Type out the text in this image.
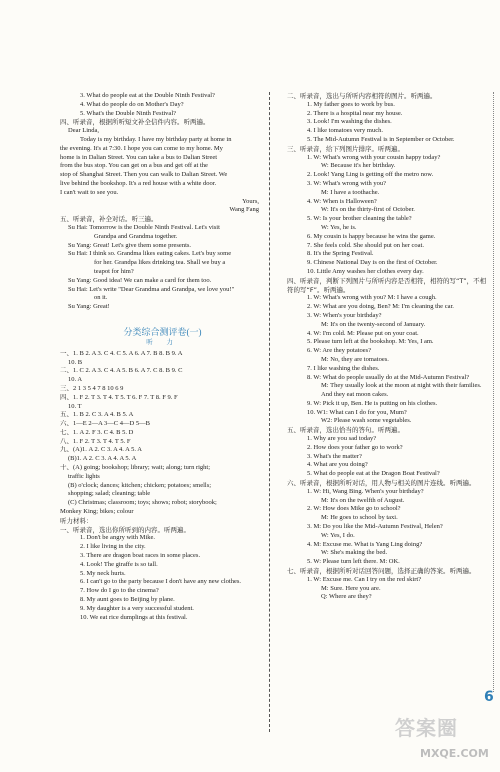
3. What do people eat at the Double Ninth Festival?
4. What do people do on Mother's Day?
5. What's the Double Ninth Festival?
四、听录音，根据所听短文补全信件内容。听两遍。
Dear Linda,
Today is my birthday. I have my birthday party at home in
the evening. It's at 7:30. I hope you can come to my home. My
home is in Dalian Street. You can take a bus to Dalian Street
from the bus stop. You can get on a bus and get off at the
stop of Shanghai Street. Then you can walk to Dalian Street. We
live behind the bookshop. It's a red house with a white door.
I can't wait to see you.
Yours,
Wang Fang
五、听录音，补全对话。听三遍。
Su Hai: Tomorrow is the Double Ninth Festival. Let's visit
Grandpa and Grandma together.
Su Yang: Great! Let's give them some presents.
Su Hai: I think so. Grandma likes eating cakes. Let's buy some
for her. Grandpa likes drinking tea. Shall we buy a
teapot for him?
Su Yang: Good idea! We can make a card for them too.
Su Hai: Let's write "Dear Grandma and Grandpa, we love you!"
on it.
Su Yang: Great!
分类综合测评卷(一)
听 力
一、1. B 2. A 3. C 4. C 5. A 6. A 7. B 8. B 9. A
10. B
二、1. C 2. A 3. C 4. A 5. B 6. A 7. C 8. B 9. C
10. A
三、2 1 3 5 4 7 8 10 6 9
四、1. F 2. T 3. T 4. T 5. T 6. F 7. T 8. F 9. F
10. T
五、1. B 2. C 3. A 4. B 5. A
六、1—E 2—A 3—C 4—D 5—B
七、1. A 2. F 3. C 4. B 5. D
八、1. F 2. T 3. T 4. T 5. F
九、(A)1. A 2. C 3. A 4. A 5. A
(B)1. A 2. C 3. A 4. A 5. A
十、(A) going; bookshop; library; wait; along; turn right;
traffic lights
(B) o'clock; dances; kitchen; chicken; potatoes; smells;
shopping; salad; cleaning; table
(C) Christmas; classroom; toys; shows; robot; storybook;
Monkey King; bikes; colour
听力材料：
一、听录音，选出你所听到的内容。听两遍。
1. Don't be angry with Mike.
2. I like living in the city.
3. There are dragon boat races in some places.
4. Look! The giraffe is so tall.
5. My neck hurts.
6. I can't go to the party because I don't have any new clothes.
7. How do I go to the cinema?
8. My aunt goes to Beijing by plane.
9. My daughter is a very successful student.
10. We eat rice dumplings at this festival.
二、听录音，选出与所听内容相符的图片。听两遍。
1. My father goes to work by bus.
2. There is a hospital near my house.
3. Look! I'm washing the dishes.
4. I like tomatoes very much.
5. The Mid-Autumn Festival is in September or October.
三、听录音，给下列图片排序。听两遍。
1. W: What's wrong with your cousin happy today?
W: Because it's her birthday.
2. Look! Yang Ling is getting off the metro now.
3. W: What's wrong with you?
M: I have a toothache.
4. W: When is Halloween?
W: It's on the thirty-first of October.
5. W: Is your brother cleaning the table?
W: Yes, he is.
6. My cousin is happy because he wins the game.
7. She feels cold. She should put on her coat.
8. It's the Spring Festival.
9. Chinese National Day is on the first of October.
10. Little Amy washes her clothes every day.
四、听录音，判断下列图片与所听内容是否相符，相符的写“T”，不相
符的写“F”。听两遍。
1. W: What's wrong with you? M: I have a cough.
2. W: What are you doing, Ben? M: I'm cleaning the car.
3. W: When's your birthday?
M: It's on the twenty-second of January.
4. W: I'm cold. M: Please put on your coat.
5. Please turn left at the bookshop. M: Yes, I am.
6. W: Are they potatoes?
M: No, they are tomatoes.
7. I like washing the dishes.
8. W: What do people usually do at the Mid-Autumn Festival?
M: They usually look at the moon at night with their families.
And they eat moon cakes.
9. W: Pick it up, Ben. He is putting on his clothes.
10. W1: What can I do for you, Mum?
W2: Please wash some vegetables.
五、听录音，选出恰当的答句。听两遍。
1. Why are you sad today?
2. How does your father go to work?
3. What's the matter?
4. What are you doing?
5. What do people eat at the Dragon Boat Festival?
六、听录音，根据所听对话，用人物与相关的图片连线。听两遍。
1. W: Hi, Wang Bing. When's your birthday?
M: It's on the twelfth of August.
2. W: How does Mike go to school?
M: He goes to school by taxi.
3. M: Do you like the Mid-Autumn Festival, Helen?
W: Yes, I do.
4. M: Excuse me. What is Yang Ling doing?
W: She's making the bed.
5. W: Please turn left there. M: OK.
七、听录音，根据所听对话回答问题，选择正确的答案。听两遍。
1. W: Excuse me. Can I try on the red skirt?
M: Sure. Here you are.
Q: Where are they?
6
答案圈
MXQE.COM
